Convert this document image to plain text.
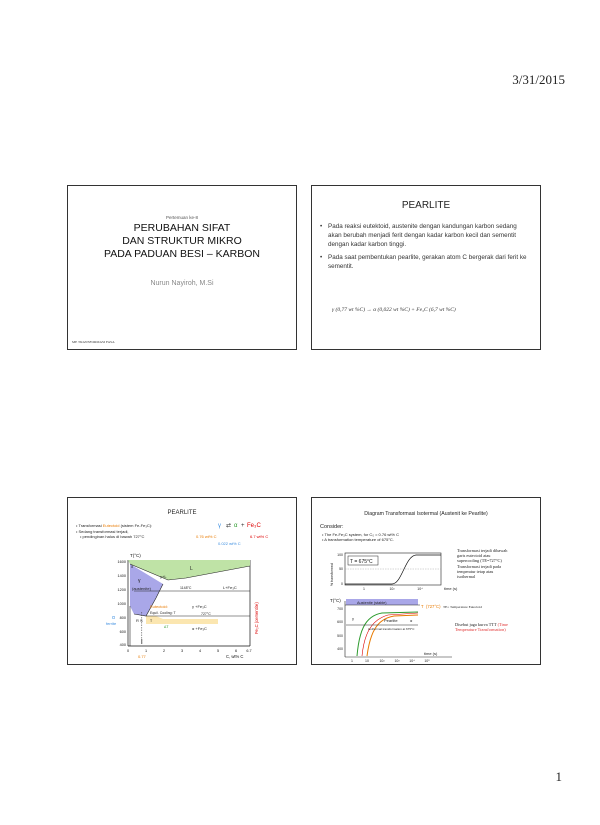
3/31/2015
Pertemuan ke-8
PERUBAHAN SIFAT
DAN STRUKTUR MIKRO
PADA PADUAN BESI – KARBON
Nurun Nayiroh, M.Si
ME TRANSFORMASI FASA
PEARLITE
• Pada reaksi eutektoid, austenite dengan kandungan karbon sedang akan berubah menjadi ferit dengan kadar karbon kecil dan sementit dengan kadar karbon tinggi.
• Pada saat pembentukan pearlite, gerakan atom C bergerak dari ferit ke sementit.
γ (0,77 wt %C) → α (0,022 wt %C) + Fe₃C (6,7 wt %C)
PEARLITE
• Transformasi Eutectoid (sistem Fe-Fe₃C):
• Sedang transformasi terjadi,
• pendinginan halus di bawah 727°C
γ ⇄ α + Fe₃C
0.76 wt% C
0.022 wt% C
6.7 wt% C
T(°C)
1600
1400
1200
1000
800
600
400
0	1	2	3	4	5	6 6.7
C, wt% C
L
γ+L
γ
(austenite)	1148°C	L+Fe₃C
γ +Fe₃C
Eutectoid:
Equil. Cooling: T	727°C
T
α +Fe₃C
α
ferrite
ΔT
R S
δ
0.77
Fe₃C (cementite)
Diagram Transformasi Isotermal (Austenit ke Pearlite)
Consider:
• The Fe-Fe₃C system, for C₀ = 0.76 wt% C
• A transformation temperature of 675°C.
% transformed
100
50
0
T = 675°C
1	10²	10⁴	time (s)
T(°C)
700
600
500
400
Austenite (stable)
Pearlite
isothermal transformation at 675°C
γ	α
T (727°C) TE= Temperature Eutectoid
1	10	10²	10³	10⁴	10⁵
time (s)
Transformasi terjadi dibawah
garis eutectoid atau
supercooling (TE=727°C)
Transformasi terjadi pada
temperatur tetap atau
isothermal
Disebut juga kurva TTT (Time
Temperature Transformation)
1
